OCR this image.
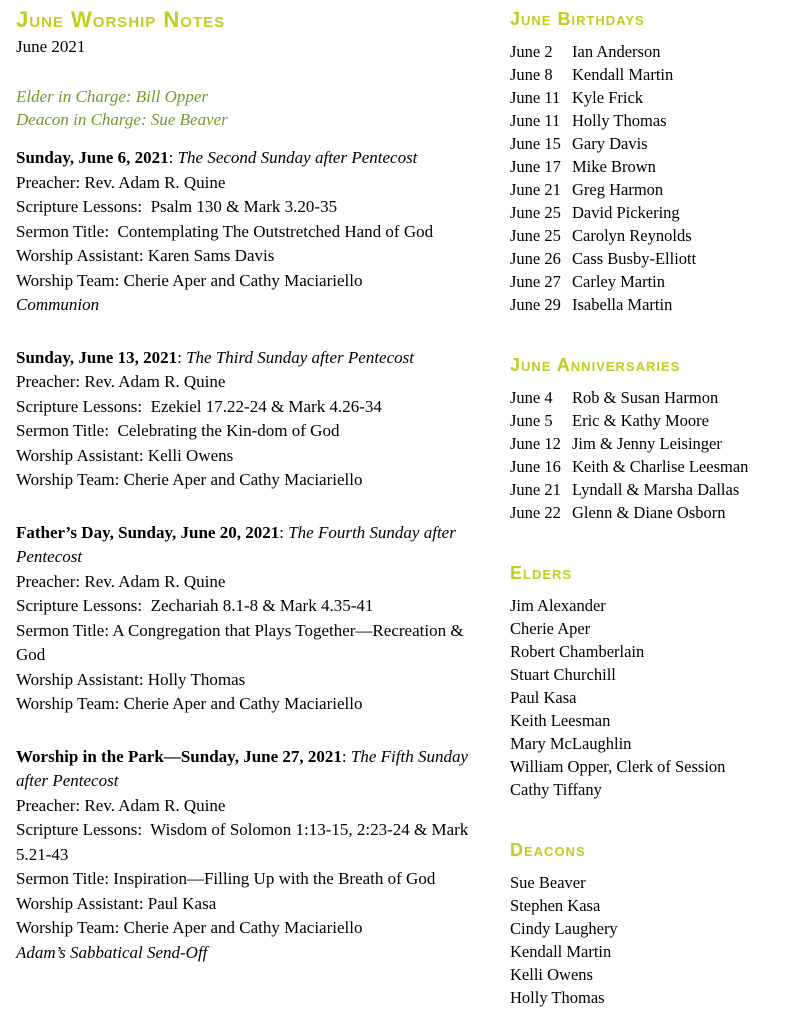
June Worship Notes
June 2021
Elder in Charge: Bill Opper
Deacon in Charge: Sue Beaver

Sunday, June 6, 2021: The Second Sunday after Pentecost

Preacher: Rev. Adam R. Quine

Scripture Lessons:  Psalm 130 & Mark 3.20-35

Sermon Title:  Contemplating The Outstretched Hand of God

Worship Assistant: Karen Sams Davis

Worship Team: Cherie Aper and Cathy Maciariello

Communion

Sunday, June 13, 2021: The Third Sunday after Pentecost

Preacher: Rev. Adam R. Quine

Scripture Lessons:  Ezekiel 17.22-24 & Mark 4.26-34

Sermon Title:  Celebrating the Kin-dom of God

Worship Assistant: Kelli Owens

Worship Team: Cherie Aper and Cathy Maciariello

Father’s Day, Sunday, June 20, 2021: The Fourth Sunday after Pentecost

Preacher: Rev. Adam R. Quine

Scripture Lessons:  Zechariah 8.1-8 & Mark 4.35-41

Sermon Title: A Congregation that Plays Together—Recreation & God

Worship Assistant: Holly Thomas

Worship Team: Cherie Aper and Cathy Maciariello

Worship in the Park—Sunday, June 27, 2021: The Fifth Sunday after Pentecost

Preacher: Rev. Adam R. Quine

Scripture Lessons:  Wisdom of Solomon 1:13-15, 2:23-24 & Mark 5.21-43

Sermon Title: Inspiration—Filling Up with the Breath of God

Worship Assistant: Paul Kasa

Worship Team: Cherie Aper and Cathy Maciariello

Adam’s Sabbatical Send-Off

June Birthdays
June 2	Ian Anderson
June 8	Kendall Martin
June 11 Kyle Frick
June 11 Holly Thomas
June 15 Gary Davis
June 17 Mike Brown
June 21 Greg Harmon
June 25 David Pickering
June 25 Carolyn Reynolds
June 26 Cass Busby-Elliott
June 27 Carley Martin
June 29 Isabella Martin
June Anniversaries
June 4	Rob & Susan Harmon
June 5	Eric & Kathy Moore
June 12 Jim & Jenny Leisinger
June 16 Keith & Charlise Leesman
June 21 Lyndall & Marsha Dallas
June 22 Glenn & Diane Osborn
Elders
Jim Alexander
Cherie Aper
Robert Chamberlain
Stuart Churchill
Paul Kasa
Keith Leesman
Mary McLaughlin
William Opper, Clerk of Session
Cathy Tiffany
Deacons
Sue Beaver
Stephen Kasa
Cindy Laughery
Kendall Martin
Kelli Owens
Holly Thomas
